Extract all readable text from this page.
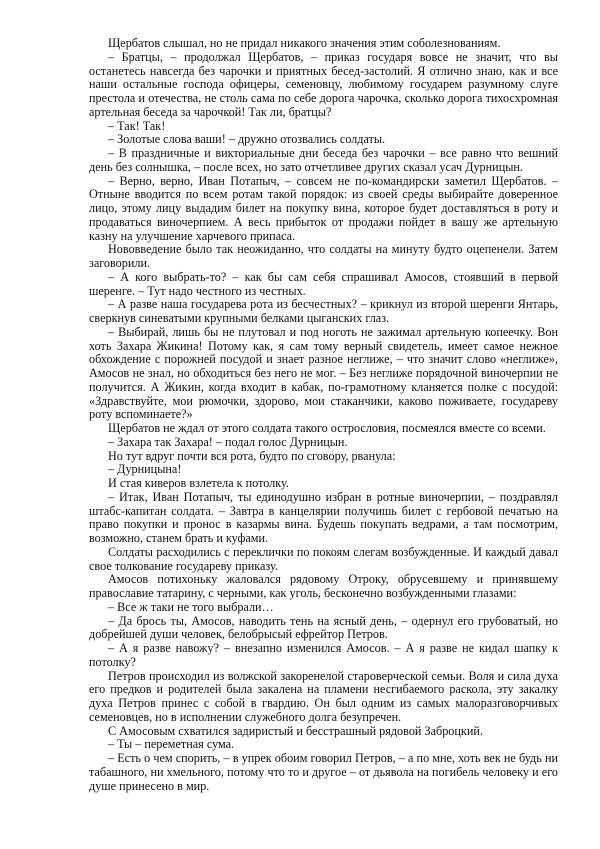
Щербатов слышал, но не придал никакого значения этим соболезнованиям.

– Братцы, – продолжал Щербатов, – приказ государя вовсе не значит, что вы останетесь навсегда без чарочки и приятных бесед-застолий. Я отлично знаю, как и все наши остальные господа офицеры, семеновцу, любимому государем разумному слуге престола и отечества, не столь сама по себе дорога чарочка, сколько дорога тихосхромная артельная беседа за чарочкой! Так ли, братцы?

– Так! Так!

– Золотые слова ваши! – дружно отозвались солдаты.

– В праздничные и викториальные дни беседа без чарочки – все равно что вешний день без солнышка, – после всех, но зато отчетливее других сказал усач Дурницын.

– Верно, верно, Иван Потапыч, – совсем не по-командирски заметил Щербатов. – Отныне вводится по всем ротам такой порядок: из своей среды выбирайте доверенное лицо, этому лицу выдадим билет на покупку вина, которое будет доставляться в роту и продаваться виночерпием. А весь прибыток от продажи пойдет в вашу же артельную казну на улучшение харчевого припаса.

Нововведение было так неожиданно, что солдаты на минуту будто оцепенели. Затем заговорили.

– А кого выбрать-то? – как бы сам себя спрашивал Амосов, стоявший в первой шеренге. – Тут надо честного из честных.

– А разве наша государева рота из бесчестных? – крикнул из второй шеренги Янтарь, сверкнув синеватыми крупными белками цыганских глаз.

– Выбирай, лишь бы не плутовал и под ноготь не зажимал артельную копеечку. Вон хоть Захара Жикина! Потому как, я сам тому верный свидетель, имеет самое нежное обхождение с порожней посудой и знает разное неглиже, – что значит слово «неглиже», Амосов не знал, но обходиться без него не мог. – Без неглиже порядочной виночерпии не получится. А Жикин, когда входит в кабак, по-грамотному кланяется полке с посудой: «Здравствуйте, мои рюмочки, здорово, мои стаканчики, каково поживаете, государеву роту вспоминаете?»

Щербатов не ждал от этого солдата такого остpословия, посмеялся вместе со всеми.

– Захара так Захара! – подал голос Дурницын.

Но тут вдруг почти вся рота, будто по сговору, рванула:

– Дурницына!

И стая киверов взлетела к потолку.

– Итак, Иван Потапыч, ты единодушно избран в ротные виночерпии, – поздравлял штабс-капитан солдата. – Завтра в канцелярии получишь билет с гербовой печатью на право покупки и пронос в казармы вина. Будешь покупать ведрами, а там посмотрим, возможно, станем брать и куфами.

Солдаты расходились с переклички по покоям слегам возбужденные. И каждый давал свое толкование государеву приказу.

Амосов потихоньку жаловался рядовому Отроку, обрусевшему и принявшему православие татарину, с черными, как уголь, бесконечно возбужденными глазами:

– Все ж таки не того выбрали…

– Да брось ты, Амосов, наводить тень на ясный день, – одернул его грубоватый, но добрейшей души человек, белобрысый ефрейтор Петров.

– А я разве навожу? – внезапно изменился Амосов. – А я разве не кидал шапку к потолку?

Петров происходил из волжской закоренелой староверческой семьи. Воля и сила духа его предков и родителей была закалена на пламени несгибаемого раскола, эту закалку духа Петров принес с собой в гвардию. Он был одним из самых малоразговорчивых семеновцев, но в исполнении служебного долга безупречен.

С Амосовым схватился задиристый и бесстрашный рядовой Заброцкий.

– Ты – переметная сума.

– Есть о чем спорить, – в упрек обоим говорил Петров, – а по мне, хоть век не будь ни табашного, ни хмельного, потому что то и другое – от дьявола на погибель человеку и его душе принесено в мир.
